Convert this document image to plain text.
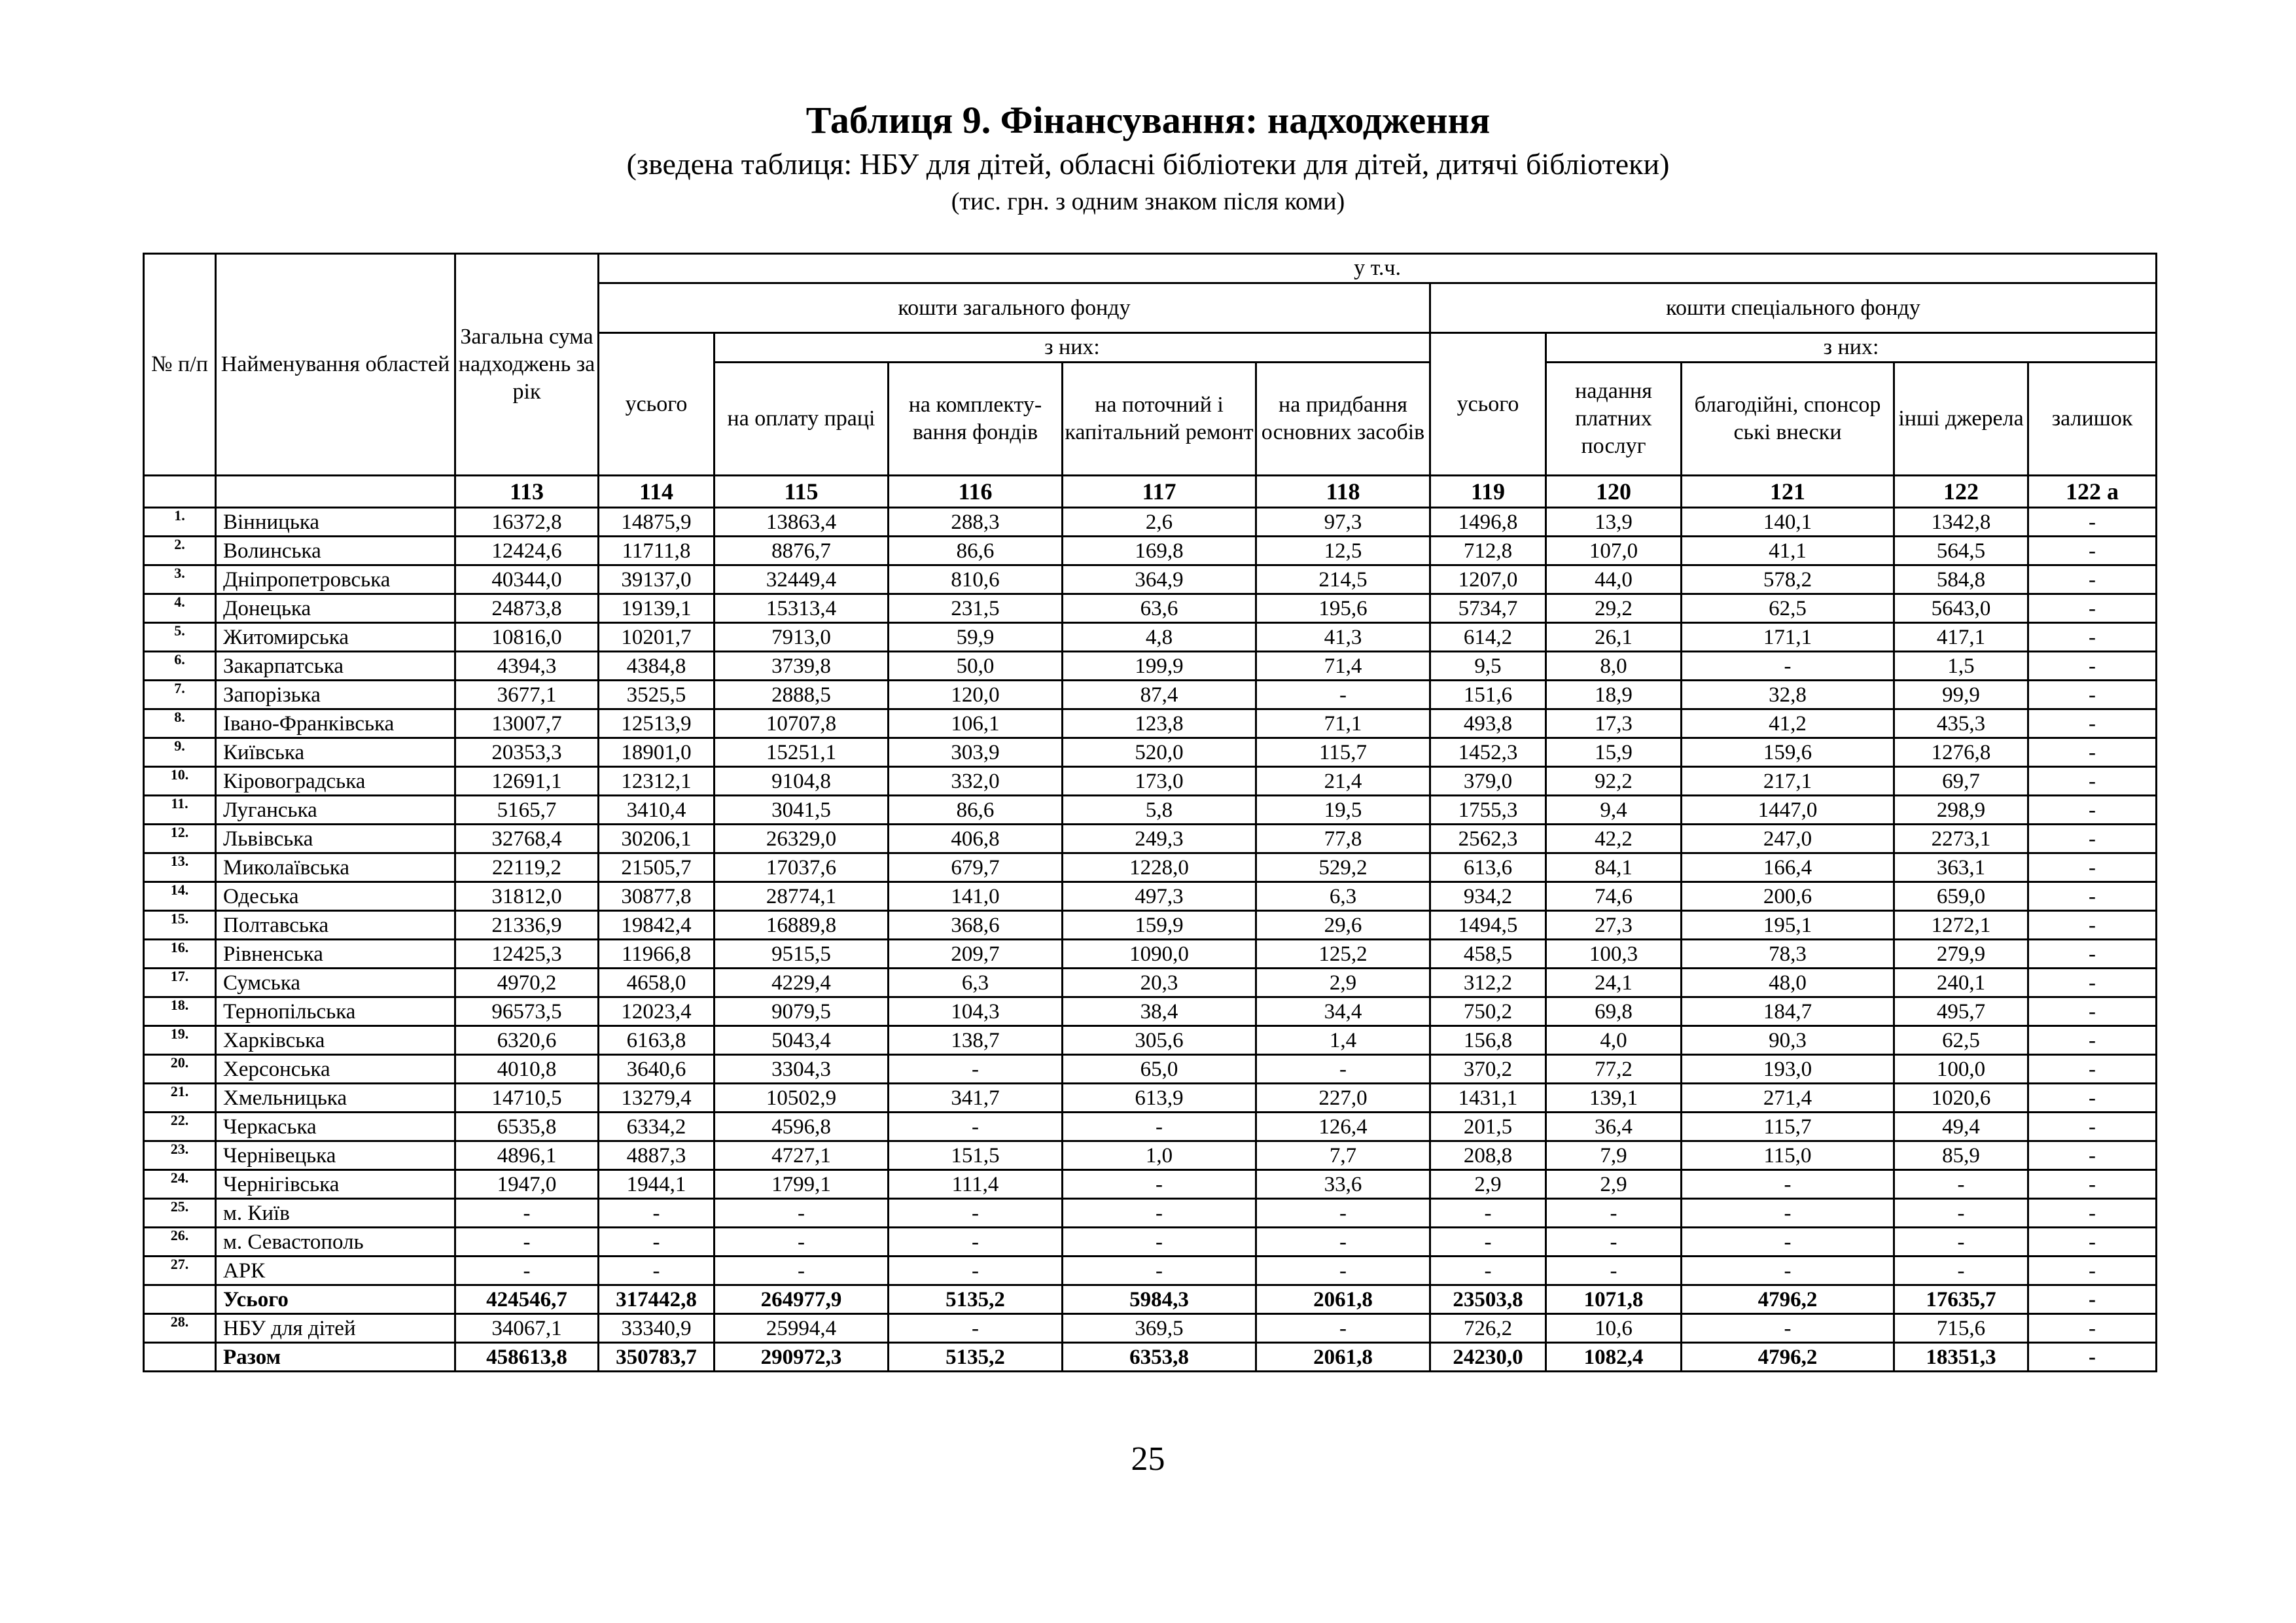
Таблиця 9. Фінансування: надходження
(зведена таблиця: НБУ для дітей, обласні бібліотеки для дітей, дитячі бібліотеки)
(тис. грн. з одним знаком після коми)
№ п/п	Найменування областей	Загальна сума надходжень за рік	у т.ч.									
			кошти загального фонду					кошти спеціального фонду				
			усього	з них:				усього	з них:			
				на оплату праці	на комплекту-вання фондів	на поточний і капітальний ремонт	на придбання основних засобів		надання платних послуг	благодійні, спонсор ські внески	інші джерела	залишок
		113	114	115	116	117	118	119	120	121	122	122 а
1.	Вінницька	16372,8	14875,9	13863,4	288,3	2,6	97,3	1496,8	13,9	140,1	1342,8	-
2.	Волинська	12424,6	11711,8	8876,7	86,6	169,8	12,5	712,8	107,0	41,1	564,5	-
3.	Дніпропетровська	40344,0	39137,0	32449,4	810,6	364,9	214,5	1207,0	44,0	578,2	584,8	-
4.	Донецька	24873,8	19139,1	15313,4	231,5	63,6	195,6	5734,7	29,2	62,5	5643,0	-
5.	Житомирська	10816,0	10201,7	7913,0	59,9	4,8	41,3	614,2	26,1	171,1	417,1	-
6.	Закарпатська	4394,3	4384,8	3739,8	50,0	199,9	71,4	9,5	8,0	-	1,5	-
7.	Запорізька	3677,1	3525,5	2888,5	120,0	87,4	-	151,6	18,9	32,8	99,9	-
8.	Івано-Франківська	13007,7	12513,9	10707,8	106,1	123,8	71,1	493,8	17,3	41,2	435,3	-
9.	Київська	20353,3	18901,0	15251,1	303,9	520,0	115,7	1452,3	15,9	159,6	1276,8	-
10.	Кіровоградська	12691,1	12312,1	9104,8	332,0	173,0	21,4	379,0	92,2	217,1	69,7	-
11.	Луганська	5165,7	3410,4	3041,5	86,6	5,8	19,5	1755,3	9,4	1447,0	298,9	-
12.	Львівська	32768,4	30206,1	26329,0	406,8	249,3	77,8	2562,3	42,2	247,0	2273,1	-
13.	Миколаївська	22119,2	21505,7	17037,6	679,7	1228,0	529,2	613,6	84,1	166,4	363,1	-
14.	Одеська	31812,0	30877,8	28774,1	141,0	497,3	6,3	934,2	74,6	200,6	659,0	-
15.	Полтавська	21336,9	19842,4	16889,8	368,6	159,9	29,6	1494,5	27,3	195,1	1272,1	-
16.	Рівненська	12425,3	11966,8	9515,5	209,7	1090,0	125,2	458,5	100,3	78,3	279,9	-
17.	Сумська	4970,2	4658,0	4229,4	6,3	20,3	2,9	312,2	24,1	48,0	240,1	-
18.	Тернопільська	96573,5	12023,4	9079,5	104,3	38,4	34,4	750,2	69,8	184,7	495,7	-
19.	Харківська	6320,6	6163,8	5043,4	138,7	305,6	1,4	156,8	4,0	90,3	62,5	-
20.	Херсонська	4010,8	3640,6	3304,3	-	65,0	-	370,2	77,2	193,0	100,0	-
21.	Хмельницька	14710,5	13279,4	10502,9	341,7	613,9	227,0	1431,1	139,1	271,4	1020,6	-
22.	Черкаська	6535,8	6334,2	4596,8	-	-	126,4	201,5	36,4	115,7	49,4	-
23.	Чернівецька	4896,1	4887,3	4727,1	151,5	1,0	7,7	208,8	7,9	115,0	85,9	-
24.	Чернігівська	1947,0	1944,1	1799,1	111,4	-	33,6	2,9	2,9	-	-	-
25.	м. Київ	-	-	-	-	-	-	-	-	-	-	-
26.	м. Севастополь	-	-	-	-	-	-	-	-	-	-	-
27.	АРК	-	-	-	-	-	-	-	-	-	-	-
	Усього	424546,7	317442,8	264977,9	5135,2	5984,3	2061,8	23503,8	1071,8	4796,2	17635,7	-
28.	НБУ для дітей	34067,1	33340,9	25994,4	-	369,5	-	726,2	10,6	-	715,6	-
	Разом	458613,8	350783,7	290972,3	5135,2	6353,8	2061,8	24230,0	1082,4	4796,2	18351,3	-
25
